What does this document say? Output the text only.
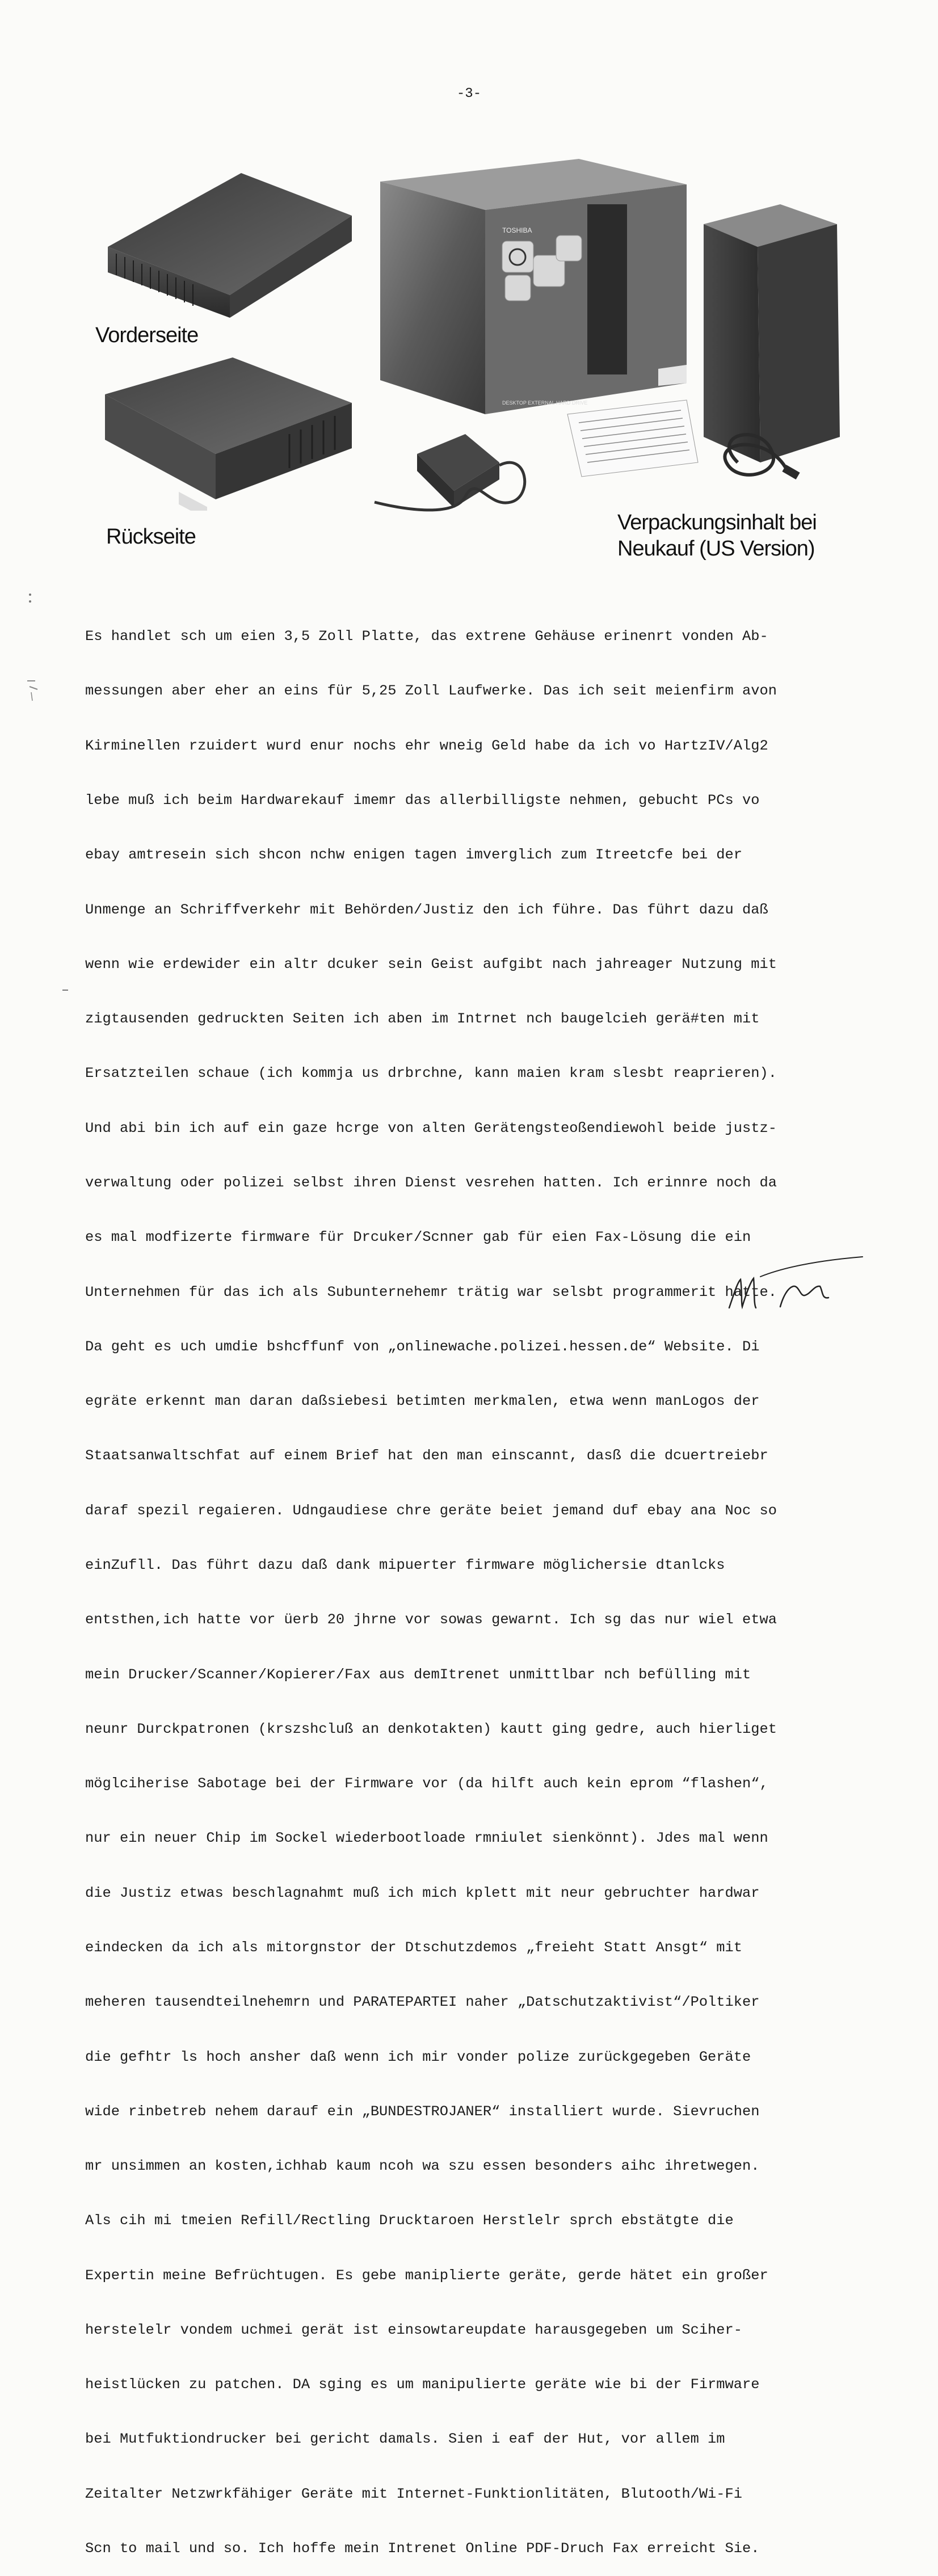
-3-
Vorderseite
Rückseite
TOSHIBA
DESKTOP EXTERNAL HARD DRIVE
Verpackungsinhalt bei
Neukauf (US Version)

Es handlet sch um eien 3,5 Zoll Platte, das extrene Gehäuse erinenrt vonden Ab-

messungen aber eher an eins für 5,25 Zoll Laufwerke. Das ich seit meienfirm avon

Kirminellen rzuidert wurd enur nochs ehr wneig Geld habe da ich vo HartzIV/Alg2

lebe muß ich beim Hardwarekauf imemr das allerbilligste nehmen, gebucht PCs vo

ebay amtresein sich shcon nchw enigen tagen imverglich zum Itreetcfe bei der

Unmenge an Schriffverkehr mit Behörden/Justiz den ich führe. Das führt dazu daß

wenn wie erdewider ein altr dcuker sein Geist aufgibt nach jahreager Nutzung mit

zigtausenden gedruckten Seiten ich aben im Intrnet nch baugelcieh gerä#ten mit

Ersatzteilen schaue (ich kommja us drbrchne, kann maien kram slesbt reaprieren).

Und abi bin ich auf ein gaze hcrge von alten Gerätengsteoßendiewohl beide justz-

verwaltung oder polizei selbst ihren Dienst vesrehen hatten. Ich erinnre noch da

es mal modfizerte firmware für Drcuker/Scnner gab für eien Fax-Lösung die ein

Unternehmen für das ich als Subunternehemr trätig war selsbt programmerit hatte.

Da geht es uch umdie bshcffunf von „onlinewache.polizei.hessen.de“ Website. Di

egräte erkennt man daran daßsiebesi betimten merkmalen, etwa wenn manLogos der

Staatsanwaltschfat auf einem Brief hat den man einscannt, dasß die dcuertreiebr

daraf spezil regaieren. Udngaudiese chre geräte beiet jemand duf ebay ana Noc so

einZufll. Das führt dazu daß dank mipuerter firmware möglichersie dtanlcks

entsthen,ich hatte vor üerb 20 jhrne vor sowas gewarnt. Ich sg das nur wiel etwa

mein Drucker/Scanner/Kopierer/Fax aus demItrenet unmittlbar nch befülling mit

neunr Durckpatronen (krszshcluß an denkotakten) kautt ging gedre, auch hierliget

möglciherise Sabotage bei der Firmware vor (da hilft auch kein eprom “flashen“,

nur ein neuer Chip im Sockel wiederbootloade rmniulet sienkönnt). Jdes mal wenn

die Justiz etwas beschlagnahmt muß ich mich kplett mit neur gebruchter hardwar

eindecken da ich als mitorgnstor der Dtschutzdemos „freieht Statt Ansgt“ mit

meheren tausendteilnehemrn und PARATEPARTEI naher „Datschutzaktivist“/Poltiker

die gefhtr ls hoch ansher daß wenn ich mir vonder polize zurückgegeben Geräte

wide rinbetreb nehem darauf ein „BUNDESTROJANER“ installiert wurde. Sievruchen

mr unsimmen an kosten,ichhab kaum ncoh wa szu essen besonders aihc ihretwegen.

Als cih mi tmeien Refill/Rectling Drucktaroen Herstlelr sprch ebstätgte die

Expertin meine Befrüchtugen. Es gebe maniplierte geräte, gerde hätet ein großer

herstelelr vondem uchmei gerät ist einsowtareupdate harausgegeben um Sciher-

heistlücken zu patchen. DA sging es um manipulierte geräte wie bi der Firmware

bei Mutfuktiondrucker bei gericht damals. Sien i eaf der Hut, vor allem im

Zeitalter Netzwrkfähiger Geräte mit Internet-Funktionlitäten, Blutooth/Wi-Fi

Scn to mail und so. Ich hoffe mein Intrenet Online PDF-Druch Fax erreicht Sie.
